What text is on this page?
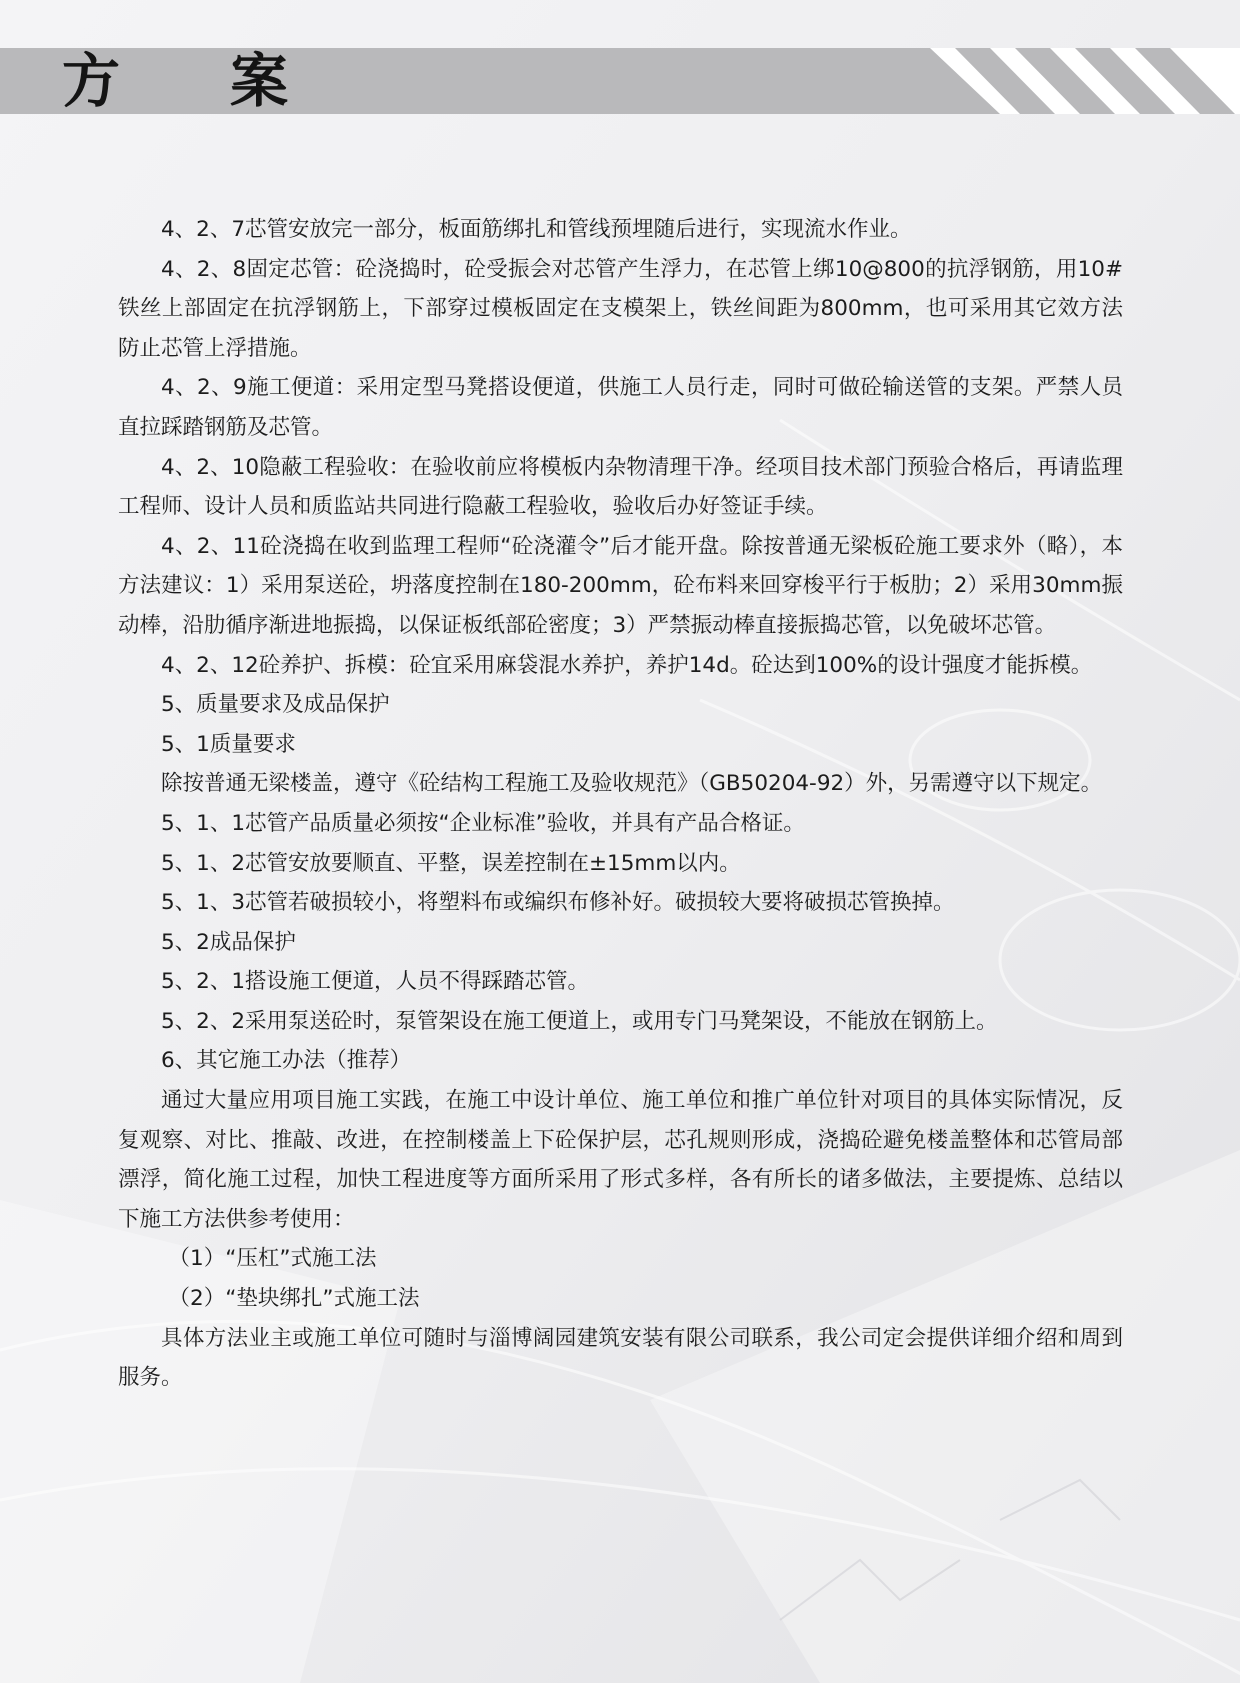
方 案

4、2、7芯管安放完一部分，板面筋绑扎和管线预埋随后进行，实现流水作业。

4、2、8固定芯管：砼浇捣时，砼受振会对芯管产生浮力，在芯管上绑10@800的抗浮钢筋，用10#铁丝上部固定在抗浮钢筋上，下部穿过模板固定在支模架上，铁丝间距为800mm，也可采用其它效方法防止芯管上浮措施。

4、2、9施工便道：采用定型马凳搭设便道，供施工人员行走，同时可做砼输送管的支架。严禁人员直拉踩踏钢筋及芯管。

4、2、10隐蔽工程验收：在验收前应将模板内杂物清理干净。经项目技术部门预验合格后，再请监理工程师、设计人员和质监站共同进行隐蔽工程验收，验收后办好签证手续。

4、2、11砼浇捣在收到监理工程师“砼浇灌令”后才能开盘。除按普通无梁板砼施工要求外（略），本方法建议：1）采用泵送砼，坍落度控制在180-200mm，砼布料来回穿梭平行于板肋；2）采用30mm振动棒，沿肋循序渐进地振捣，以保证板纸部砼密度；3）严禁振动棒直接振捣芯管，以免破坏芯管。

4、2、12砼养护、拆模：砼宜采用麻袋混水养护，养护14d。砼达到100%的设计强度才能拆模。

5、质量要求及成品保护

5、1质量要求

除按普通无梁楼盖，遵守《砼结构工程施工及验收规范》（GB50204-92）外，另需遵守以下规定。

5、1、1芯管产品质量必须按“企业标准”验收，并具有产品合格证。

5、1、2芯管安放要顺直、平整，误差控制在±15mm以内。

5、1、3芯管若破损较小，将塑料布或编织布修补好。破损较大要将破损芯管换掉。

5、2成品保护

5、2、1搭设施工便道，人员不得踩踏芯管。

5、2、2采用泵送砼时，泵管架设在施工便道上，或用专门马凳架设，不能放在钢筋上。

6、其它施工办法（推荐）

通过大量应用项目施工实践，在施工中设计单位、施工单位和推广单位针对项目的具体实际情况，反复观察、对比、推敲、改进，在控制楼盖上下砼保护层，芯孔规则形成，浇捣砼避免楼盖整体和芯管局部漂浮，简化施工过程，加快工程进度等方面所采用了形式多样，各有所长的诸多做法，主要提炼、总结以下施工方法供参考使用：

（1）“压杠”式施工法

（2）“垫块绑扎”式施工法

具体方法业主或施工单位可随时与淄博阔园建筑安装有限公司联系，我公司定会提供详细介绍和周到服务。
